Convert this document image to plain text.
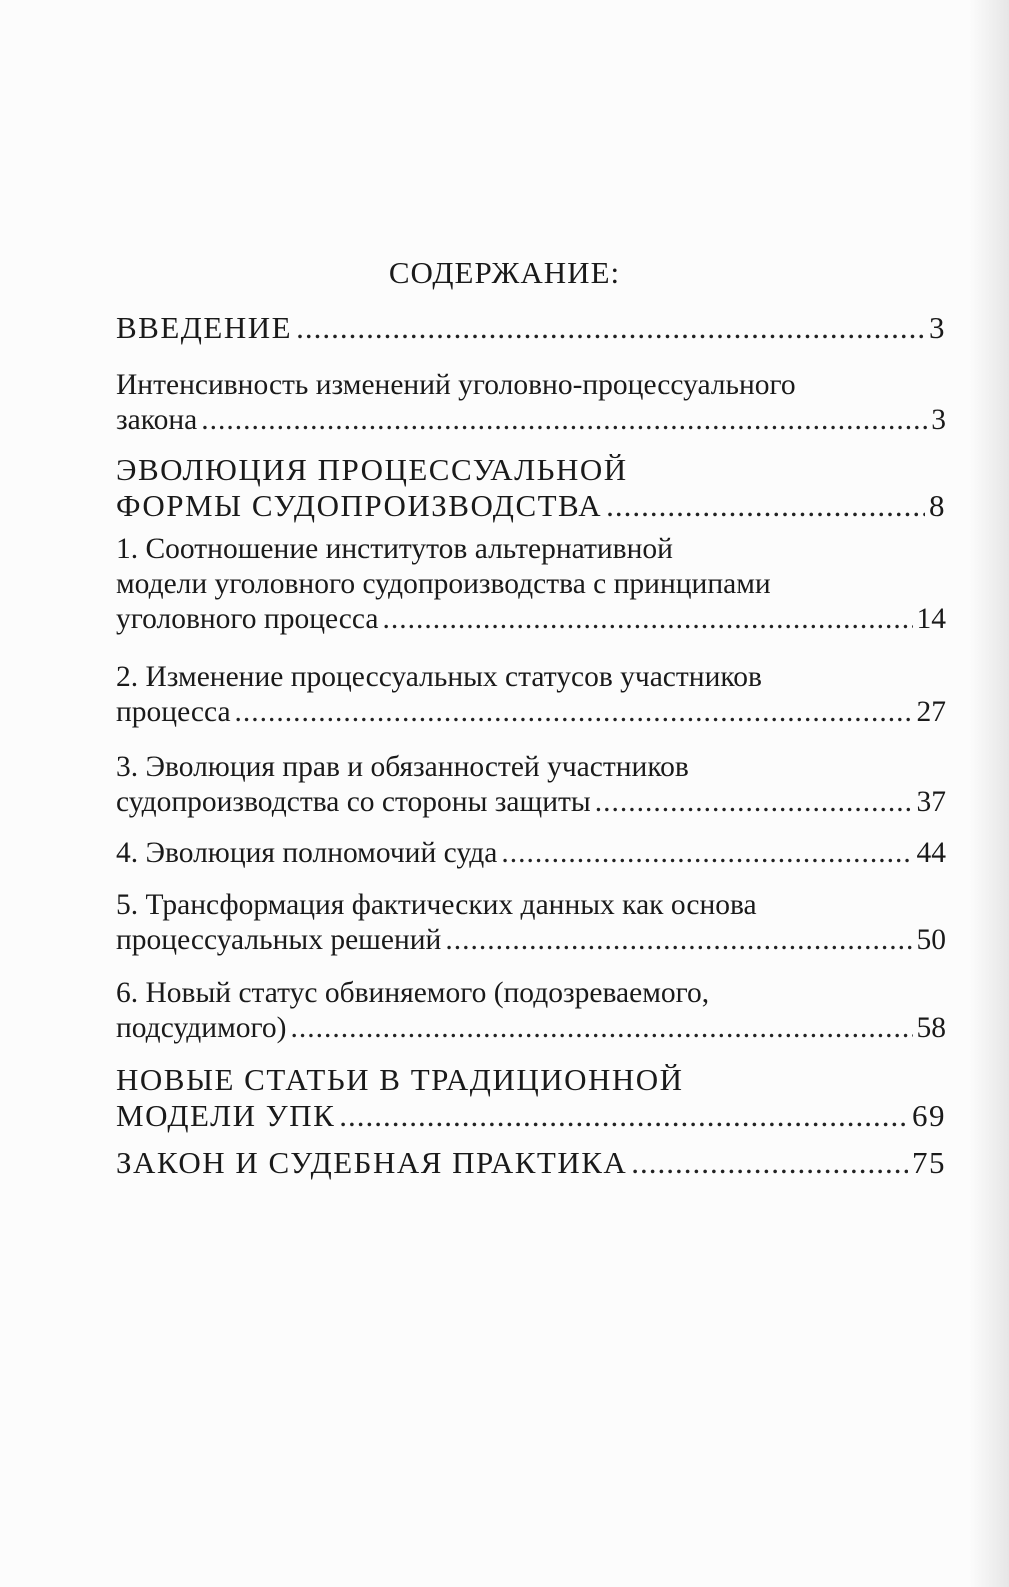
СОДЕРЖАНИЕ:
ВВЕДЕНИЕ .....	3
Интенсивность изменений уголовно-процессуального
закона .....	3
ЭВОЛЮЦИЯ ПРОЦЕССУАЛЬНОЙ
ФОРМЫ СУДОПРОИЗВОДСТВА .....	8
1. Соотношение институтов альтернативной
модели уголовного судопроизводства с принципами
уголовного процесса .....	14
2. Изменение процессуальных статусов участников
процесса .....	27
3. Эволюция прав и обязанностей участников
судопроизводства со стороны защиты .....	37
4. Эволюция полномочий суда .....	44
5. Трансформация фактических данных как основа
процессуальных решений .....	50
6. Новый статус обвиняемого (подозреваемого,
подсудимого) .....	58
НОВЫЕ СТАТЬИ В ТРАДИЦИОННОЙ
МОДЕЛИ УПК .....	69
ЗАКОН И СУДЕБНАЯ ПРАКТИКА .....	75
